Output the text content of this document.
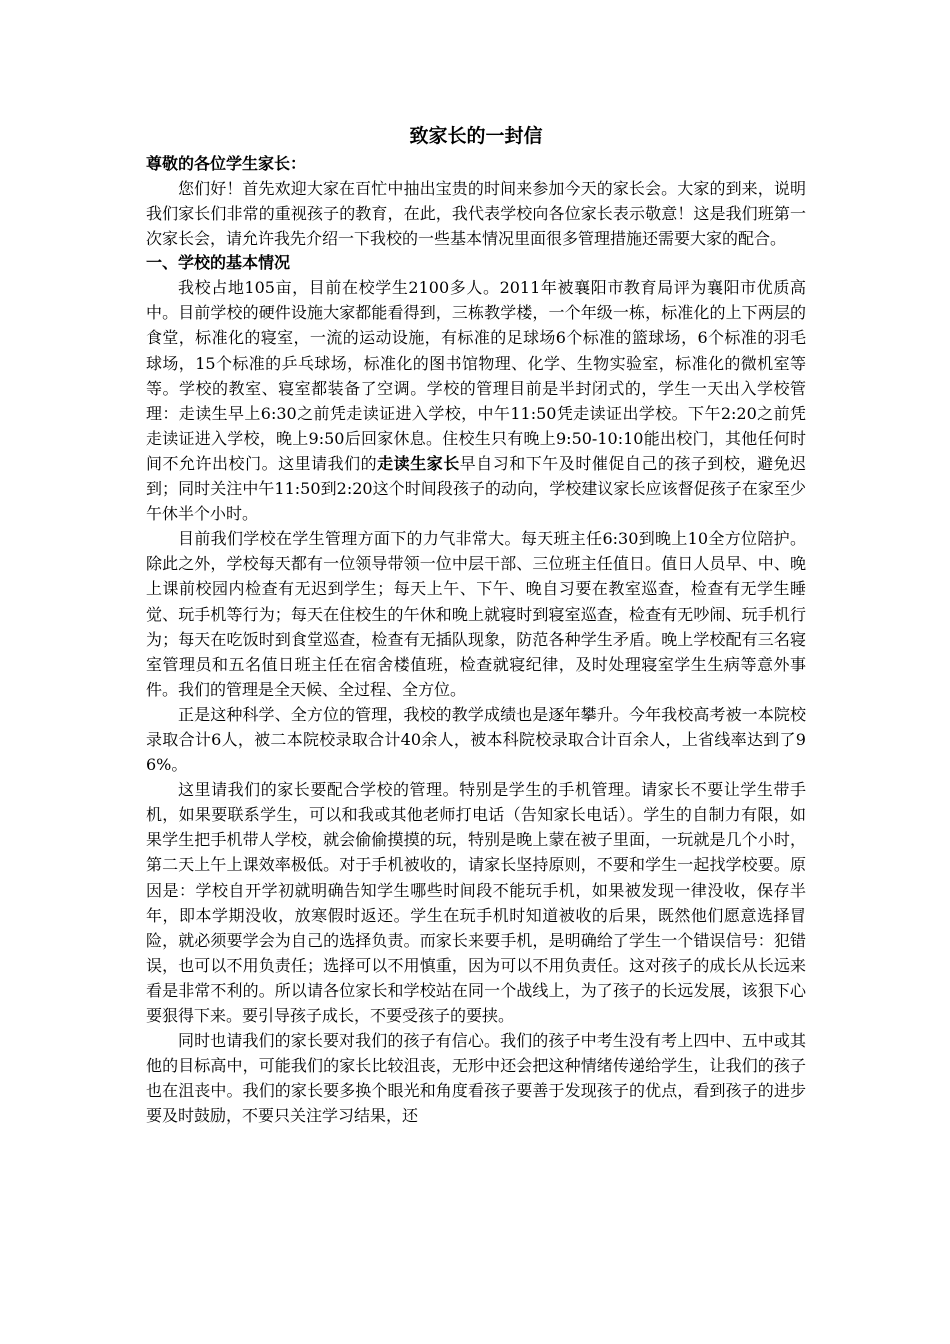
致家长的一封信

尊敬的各位学生家长：

您们好！首先欢迎大家在百忙中抽出宝贵的时间来参加今天的家长会。大家的到来，说明我们家长们非常的重视孩子的教育，在此，我代表学校向各位家长表示敬意！这是我们班第一次家长会，请允许我先介绍一下我校的一些基本情况里面很多管理措施还需要大家的配合。

一、学校的基本情况

我校占地105亩，目前在校学生2100多人。2011年被襄阳市教育局评为襄阳市优质高中。目前学校的硬件设施大家都能看得到，三栋教学楼，一个年级一栋，标准化的上下两层的食堂，标准化的寝室，一流的运动设施，有标准的足球场6个标准的篮球场，6个标准的羽毛球场，15个标准的乒乓球场，标准化的图书馆物理、化学、生物实验室，标准化的微机室等等。学校的教室、寝室都装备了空调。学校的管理目前是半封闭式的，学生一天出入学校管理：走读生早上6:30之前凭走读证进入学校，中午11:50凭走读证出学校。下午2:20之前凭走读证进入学校，晚上9:50后回家休息。住校生只有晚上9:50-10:10能出校门，其他任何时间不允许出校门。这里请我们的走读生家长早自习和下午及时催促自己的孩子到校，避免迟到；同时关注中午11:50到2:20这个时间段孩子的动向，学校建议家长应该督促孩子在家至少午休半个小时。

目前我们学校在学生管理方面下的力气非常大。每天班主任6:30到晚上10全方位陪护。除此之外，学校每天都有一位领导带领一位中层干部、三位班主任值日。值日人员早、中、晚上课前校园内检查有无迟到学生；每天上午、下午、晚自习要在教室巡查，检查有无学生睡觉、玩手机等行为；每天在住校生的午休和晚上就寝时到寝室巡查，检查有无吵闹、玩手机行为；每天在吃饭时到食堂巡查，检查有无插队现象，防范各种学生矛盾。晚上学校配有三名寝室管理员和五名值日班主任在宿舍楼值班，检查就寝纪律，及时处理寝室学生生病等意外事件。我们的管理是全天候、全过程、全方位。

正是这种科学、全方位的管理，我校的教学成绩也是逐年攀升。今年我校高考被一本院校录取合计6人，被二本院校录取合计40余人，被本科院校录取合计百余人，上省线率达到了96%。

这里请我们的家长要配合学校的管理。特别是学生的手机管理。请家长不要让学生带手机，如果要联系学生，可以和我或其他老师打电话（告知家长电话）。学生的自制力有限，如果学生把手机带人学校，就会偷偷摸摸的玩，特别是晚上蒙在被子里面，一玩就是几个小时，第二天上午上课效率极低。对于手机被收的，请家长坚持原则，不要和学生一起找学校要。原因是：学校自开学初就明确告知学生哪些时间段不能玩手机，如果被发现一律没收，保存半年，即本学期没收，放寒假时返还。学生在玩手机时知道被收的后果，既然他们愿意选择冒险，就必须要学会为自己的选择负责。而家长来要手机，是明确给了学生一个错误信号：犯错误，也可以不用负责任；选择可以不用慎重，因为可以不用负责任。这对孩子的成长从长远来看是非常不利的。所以请各位家长和学校站在同一个战线上，为了孩子的长远发展，该狠下心要狠得下来。要引导孩子成长，不要受孩子的要挟。

同时也请我们的家长要对我们的孩子有信心。我们的孩子中考生没有考上四中、五中或其他的目标高中，可能我们的家长比较沮丧，无形中还会把这种情绪传递给学生，让我们的孩子也在沮丧中。我们的家长要多换个眼光和角度看孩子要善于发现孩子的优点，看到孩子的进步要及时鼓励，不要只关注学习结果，还
